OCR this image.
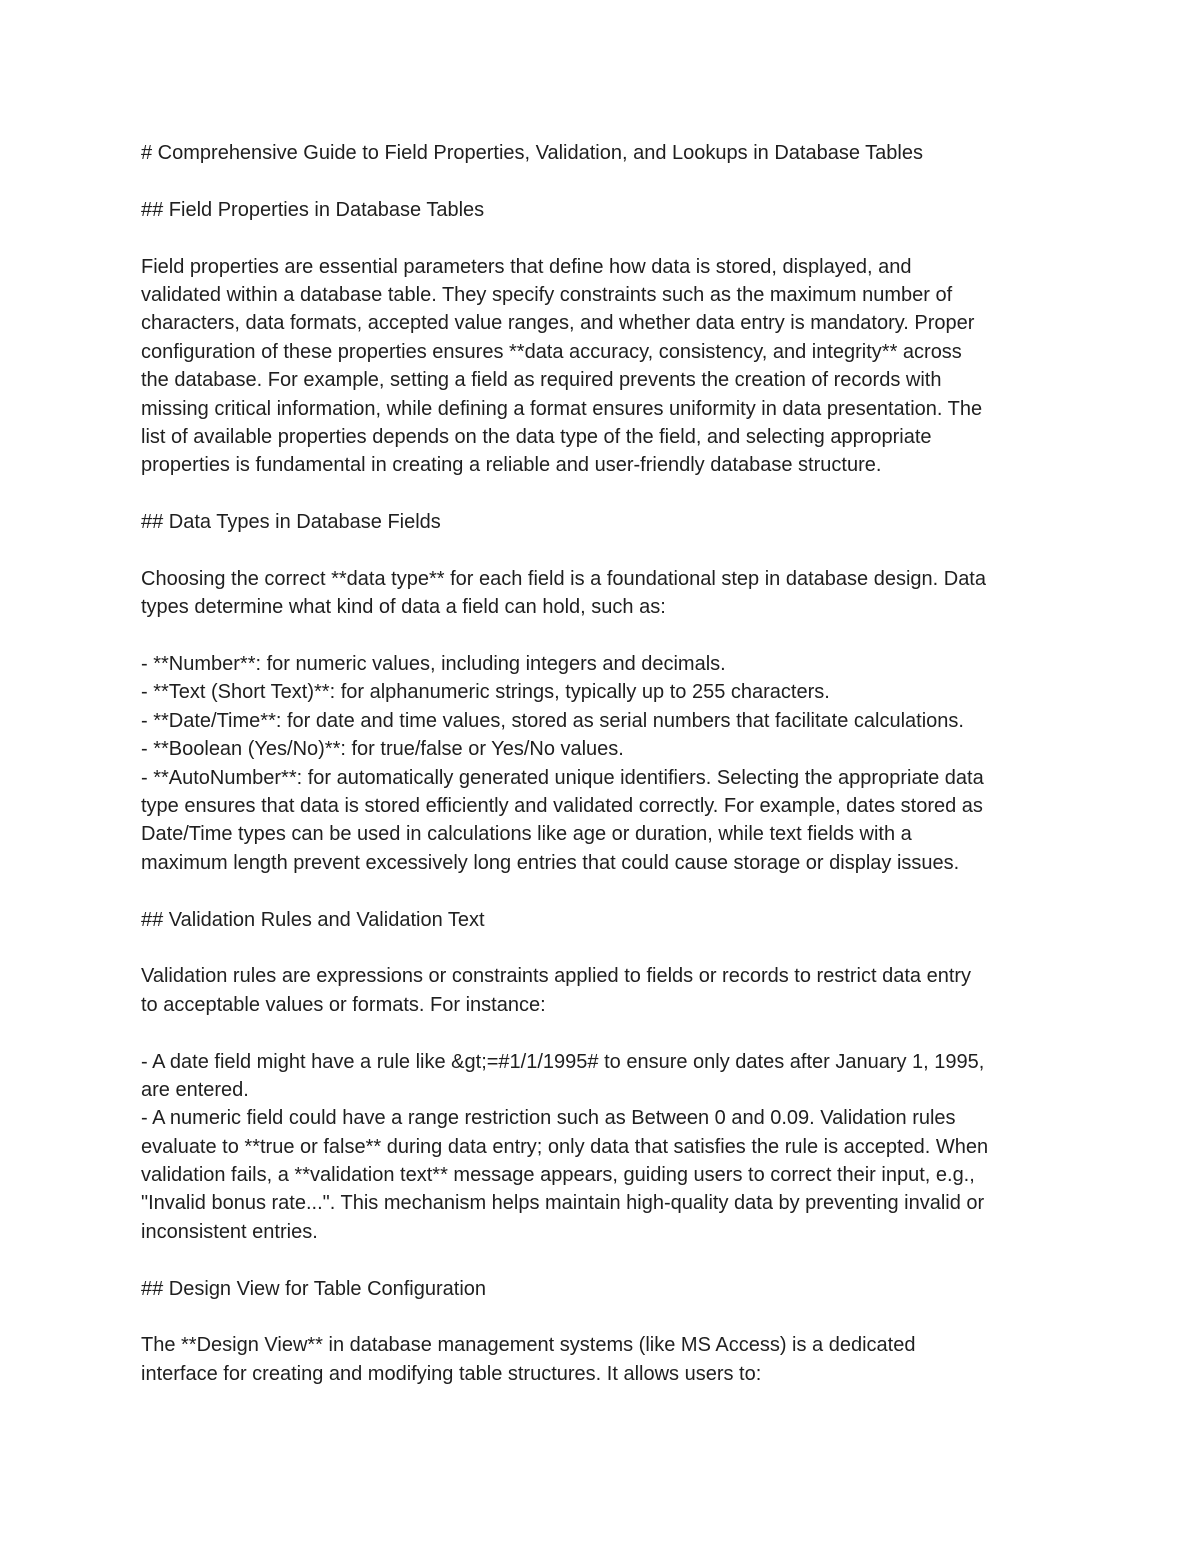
# Comprehensive Guide to Field Properties, Validation, and Lookups in Database Tables
## Field Properties in Database Tables
Field properties are essential parameters that define how data is stored, displayed, and
validated within a database table. They specify constraints such as the maximum number of
characters, data formats, accepted value ranges, and whether data entry is mandatory. Proper
configuration of these properties ensures **data accuracy, consistency, and integrity** across
the database. For example, setting a field as required prevents the creation of records with
missing critical information, while defining a format ensures uniformity in data presentation. The
list of available properties depends on the data type of the field, and selecting appropriate
properties is fundamental in creating a reliable and user-friendly database structure.
## Data Types in Database Fields
Choosing the correct **data type** for each field is a foundational step in database design. Data
types determine what kind of data a field can hold, such as:
- **Number**: for numeric values, including integers and decimals.
- **Text (Short Text)**: for alphanumeric strings, typically up to 255 characters.
- **Date/Time**: for date and time values, stored as serial numbers that facilitate calculations.
- **Boolean (Yes/No)**: for true/false or Yes/No values.
- **AutoNumber**: for automatically generated unique identifiers. Selecting the appropriate data
type ensures that data is stored efficiently and validated correctly. For example, dates stored as
Date/Time types can be used in calculations like age or duration, while text fields with a
maximum length prevent excessively long entries that could cause storage or display issues.
## Validation Rules and Validation Text
Validation rules are expressions or constraints applied to fields or records to restrict data entry
to acceptable values or formats. For instance:
- A date field might have a rule like &gt;=#1/1/1995# to ensure only dates after January 1, 1995,
are entered.
- A numeric field could have a range restriction such as Between 0 and 0.09. Validation rules
evaluate to **true or false** during data entry; only data that satisfies the rule is accepted. When
validation fails, a **validation text** message appears, guiding users to correct their input, e.g.,
"Invalid bonus rate...". This mechanism helps maintain high-quality data by preventing invalid or
inconsistent entries.
## Design View for Table Configuration
The **Design View** in database management systems (like MS Access) is a dedicated
interface for creating and modifying table structures. It allows users to:
